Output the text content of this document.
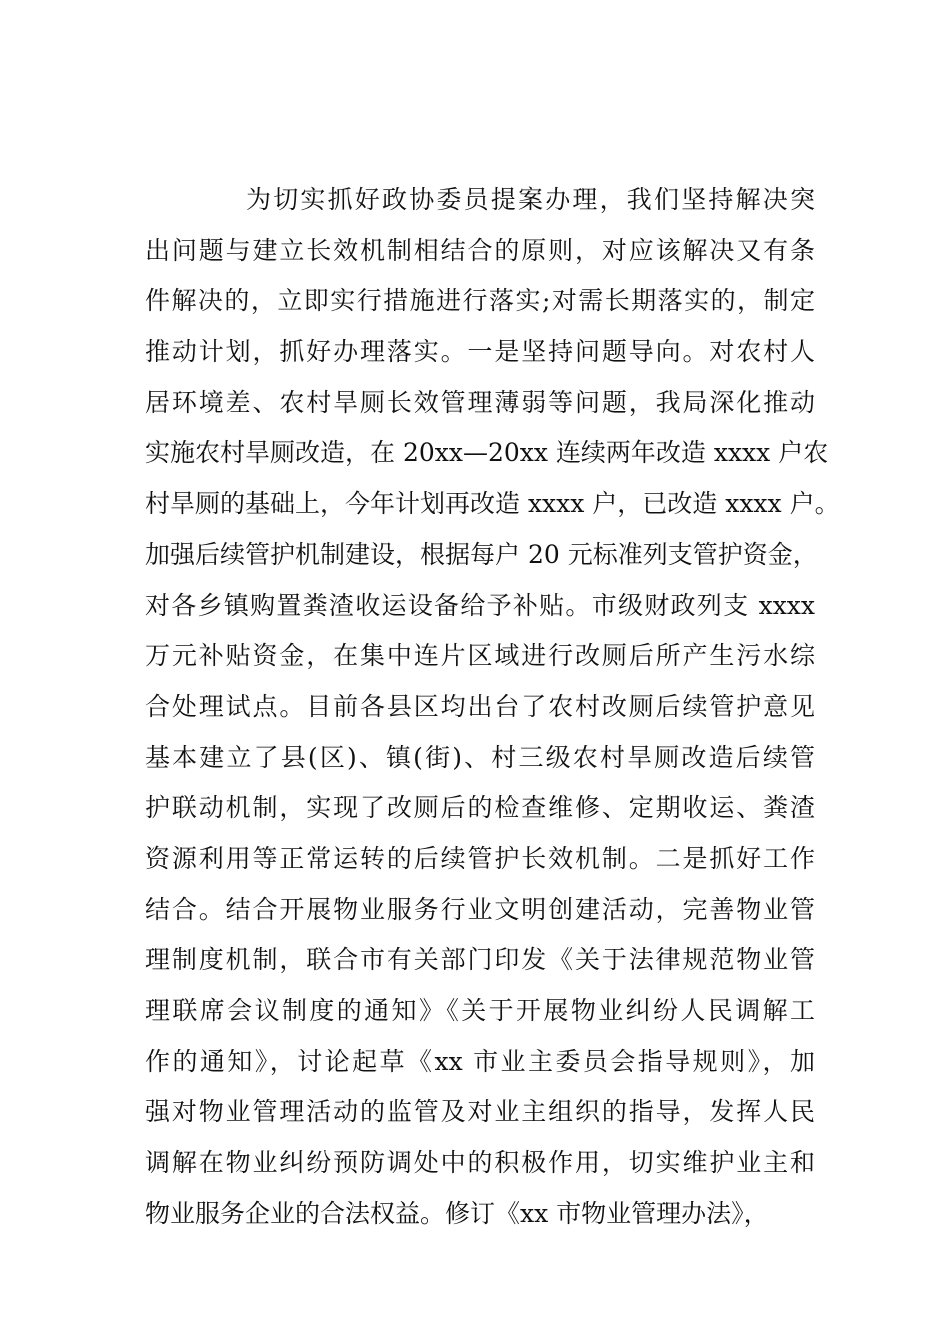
为切实抓好政协委员提案办理，我们坚持解决突
出问题与建立长效机制相结合的原则，对应该解决又有条
件解决的，立即实行措施进行落实;对需长期落实的，制定
推动计划，抓好办理落实。一是坚持问题导向。对农村人
居环境差、农村旱厕长效管理薄弱等问题，我局深化推动
实施农村旱厕改造，在 20xx—20xx 连续两年改造 xxxx 户农
村旱厕的基础上，今年计划再改造 xxxx 户，已改造 xxxx 户。
加强后续管护机制建设，根据每户 20 元标准列支管护资金，
对各乡镇购置粪渣收运设备给予补贴。市级财政列支 xxxx
万元补贴资金，在集中连片区域进行改厕后所产生污水综
合处理试点。目前各县区均出台了农村改厕后续管护意见
基本建立了县(区)、镇(街)、村三级农村旱厕改造后续管
护联动机制，实现了改厕后的检查维修、定期收运、粪渣
资源利用等正常运转的后续管护长效机制。二是抓好工作
结合。结合开展物业服务行业文明创建活动，完善物业管
理制度机制，联合市有关部门印发《关于法律规范物业管
理联席会议制度的通知》《关于开展物业纠纷人民调解工
作的通知》，讨论起草《xx 市业主委员会指导规则》，加
强对物业管理活动的监管及对业主组织的指导，发挥人民
调解在物业纠纷预防调处中的积极作用，切实维护业主和
物业服务企业的合法权益。修订《xx 市物业管理办法》，
